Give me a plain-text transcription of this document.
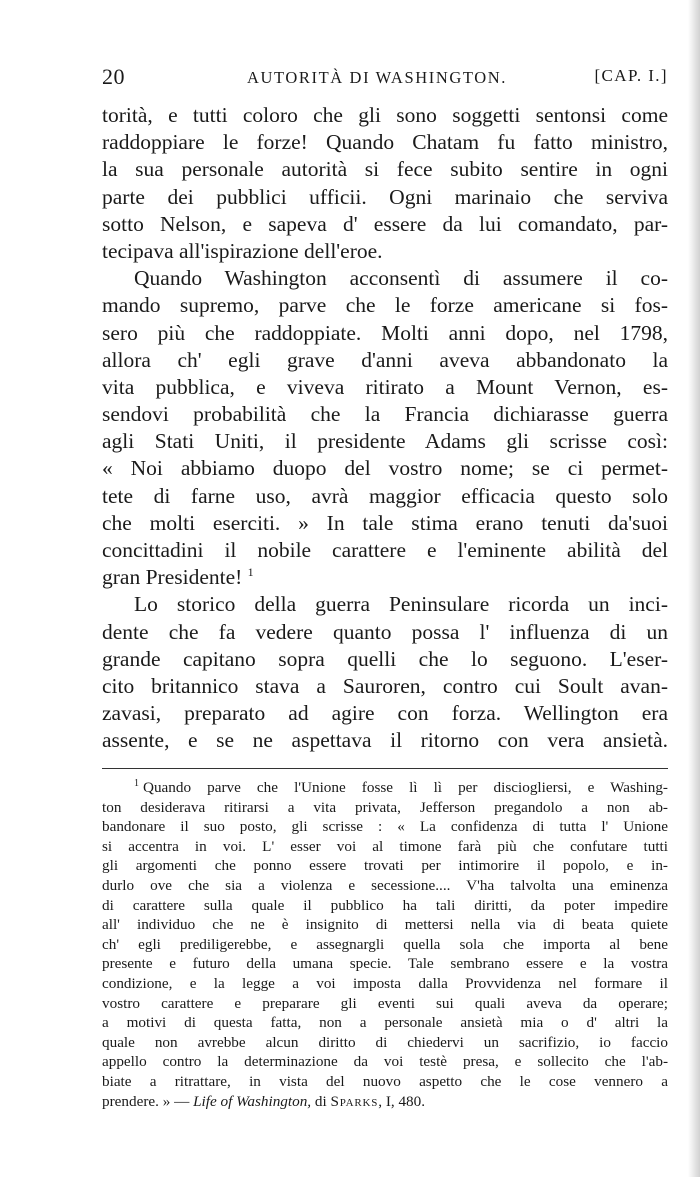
20	AUTORITÀ DI WASHINGTON.	[CAP. I.]
torità, e tutti coloro che gli sono soggetti sentonsi come
raddoppiare le forze! Quando Chatam fu fatto ministro,
la sua personale autorità si fece subito sentire in ogni
parte dei pubblici ufficii. Ogni marinaio che serviva
sotto Nelson, e sapeva d' essere da lui comandato, par-
tecipava all'ispirazione dell'eroe.
Quando Washington acconsentì di assumere il co-
mando supremo, parve che le forze americane si fos-
sero più che raddoppiate. Molti anni dopo, nel 1798,
allora ch' egli grave d'anni aveva abbandonato la
vita pubblica, e viveva ritirato a Mount Vernon, es-
sendovi probabilità che la Francia dichiarasse guerra
agli Stati Uniti, il presidente Adams gli scrisse così:
« Noi abbiamo duopo del vostro nome; se ci permet-
tete di farne uso, avrà maggior efficacia questo solo
che molti eserciti. » In tale stima erano tenuti da'suoi
concittadini il nobile carattere e l'eminente abilità del
gran Presidente! $^1$
Lo storico della guerra Peninsulare ricorda un inci-
dente che fa vedere quanto possa l' influenza di un
grande capitano sopra quelli che lo seguono. L'eser-
cito britannico stava a Sauroren, contro cui Soult avan-
zavasi, preparato ad agire con forza. Wellington era
assente, e se ne aspettava il ritorno con vera ansietà.
$^1$ Quando parve che l'Unione fosse lì lì per disciogliersi, e Washing-
ton desiderava ritirarsi a vita privata, Jefferson pregandolo a non ab-
bandonare il suo posto, gli scrisse : « La confidenza di tutta l' Unione
si accentra in voi. L' esser voi al timone farà più che confutare tutti
gli argomenti che ponno essere trovati per intimorire il popolo, e in-
durlo ove che sia a violenza e secessione.... V'ha talvolta una eminenza
di carattere sulla quale il pubblico ha tali diritti, da poter impedire
all' individuo che ne è insignito di mettersi nella via di beata quiete
ch' egli prediligerebbe, e assegnargli quella sola che importa al bene
presente e futuro della umana specie. Tale sembrano essere e la vostra
condizione, e la legge a voi imposta dalla Provvidenza nel formare il
vostro carattere e preparare gli eventi sui quali aveva da operare;
a motivi di questa fatta, non a personale ansietà mia o d' altri la
quale non avrebbe alcun diritto di chiedervi un sacrifizio, io faccio
appello contro la determinazione da voi testè presa, e sollecito che l'ab-
biate a ritrattare, in vista del nuovo aspetto che le cose vennero a
prendere. » — Life of Washington, di Sparks, I, 480.
